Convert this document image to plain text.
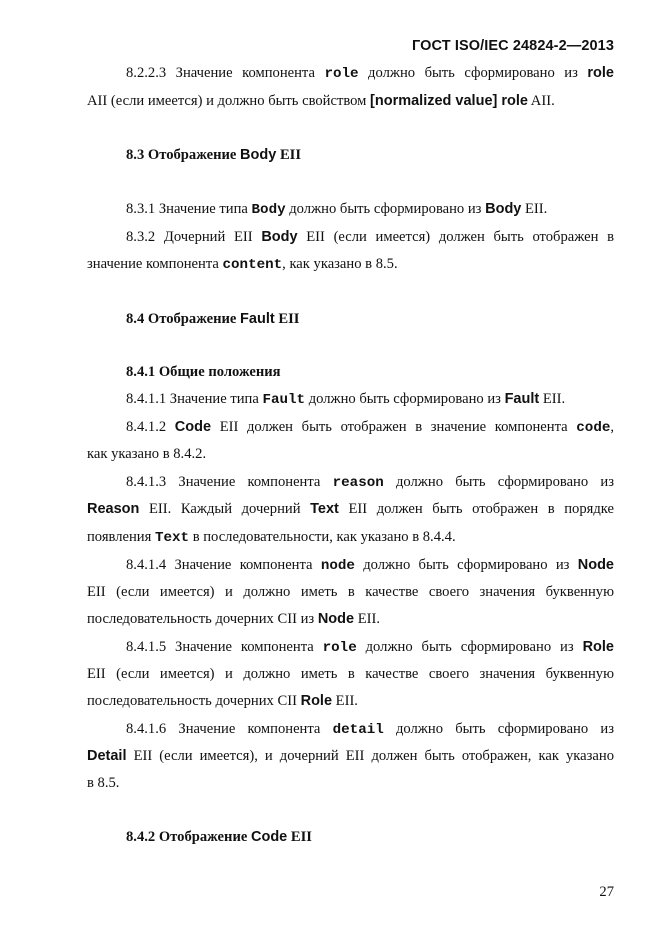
ГОСТ ISO/IEC 24824-2—2013
8.2.2.3 Значение компонента role должно быть сформировано из role
AII (если имеется) и должно быть свойством [normalized value] role AII.
8.3 Отображение Body EII
8.3.1 Значение типа Body должно быть сформировано из Body EII.
8.3.2 Дочерний EII Body EII (если имеется) должен быть отображен в
значение компонента content, как указано в 8.5.
8.4 Отображение Fault EII
8.4.1 Общие положения
8.4.1.1 Значение типа Fault должно быть сформировано из Fault EII.
8.4.1.2 Code EII должен быть отображен в значение компонента code,
как указано в 8.4.2.
8.4.1.3 Значение компонента reason должно быть сформировано из
Reason EII. Каждый дочерний Text EII должен быть отображен в порядке
появления Text в последовательности, как указано в 8.4.4.
8.4.1.4 Значение компонента node должно быть сформировано из Node
EII (если имеется) и должно иметь в качестве своего значения буквенную
последовательность дочерних CII из Node EII.
8.4.1.5 Значение компонента role должно быть сформировано из Role
EII (если имеется) и должно иметь в качестве своего значения буквенную
последовательность дочерних CII Role EII.
8.4.1.6 Значение компонента detail должно быть сформировано из
Detail EII (если имеется), и дочерний EII должен быть отображен, как указано
в 8.5.
8.4.2 Отображение Code EII
27
